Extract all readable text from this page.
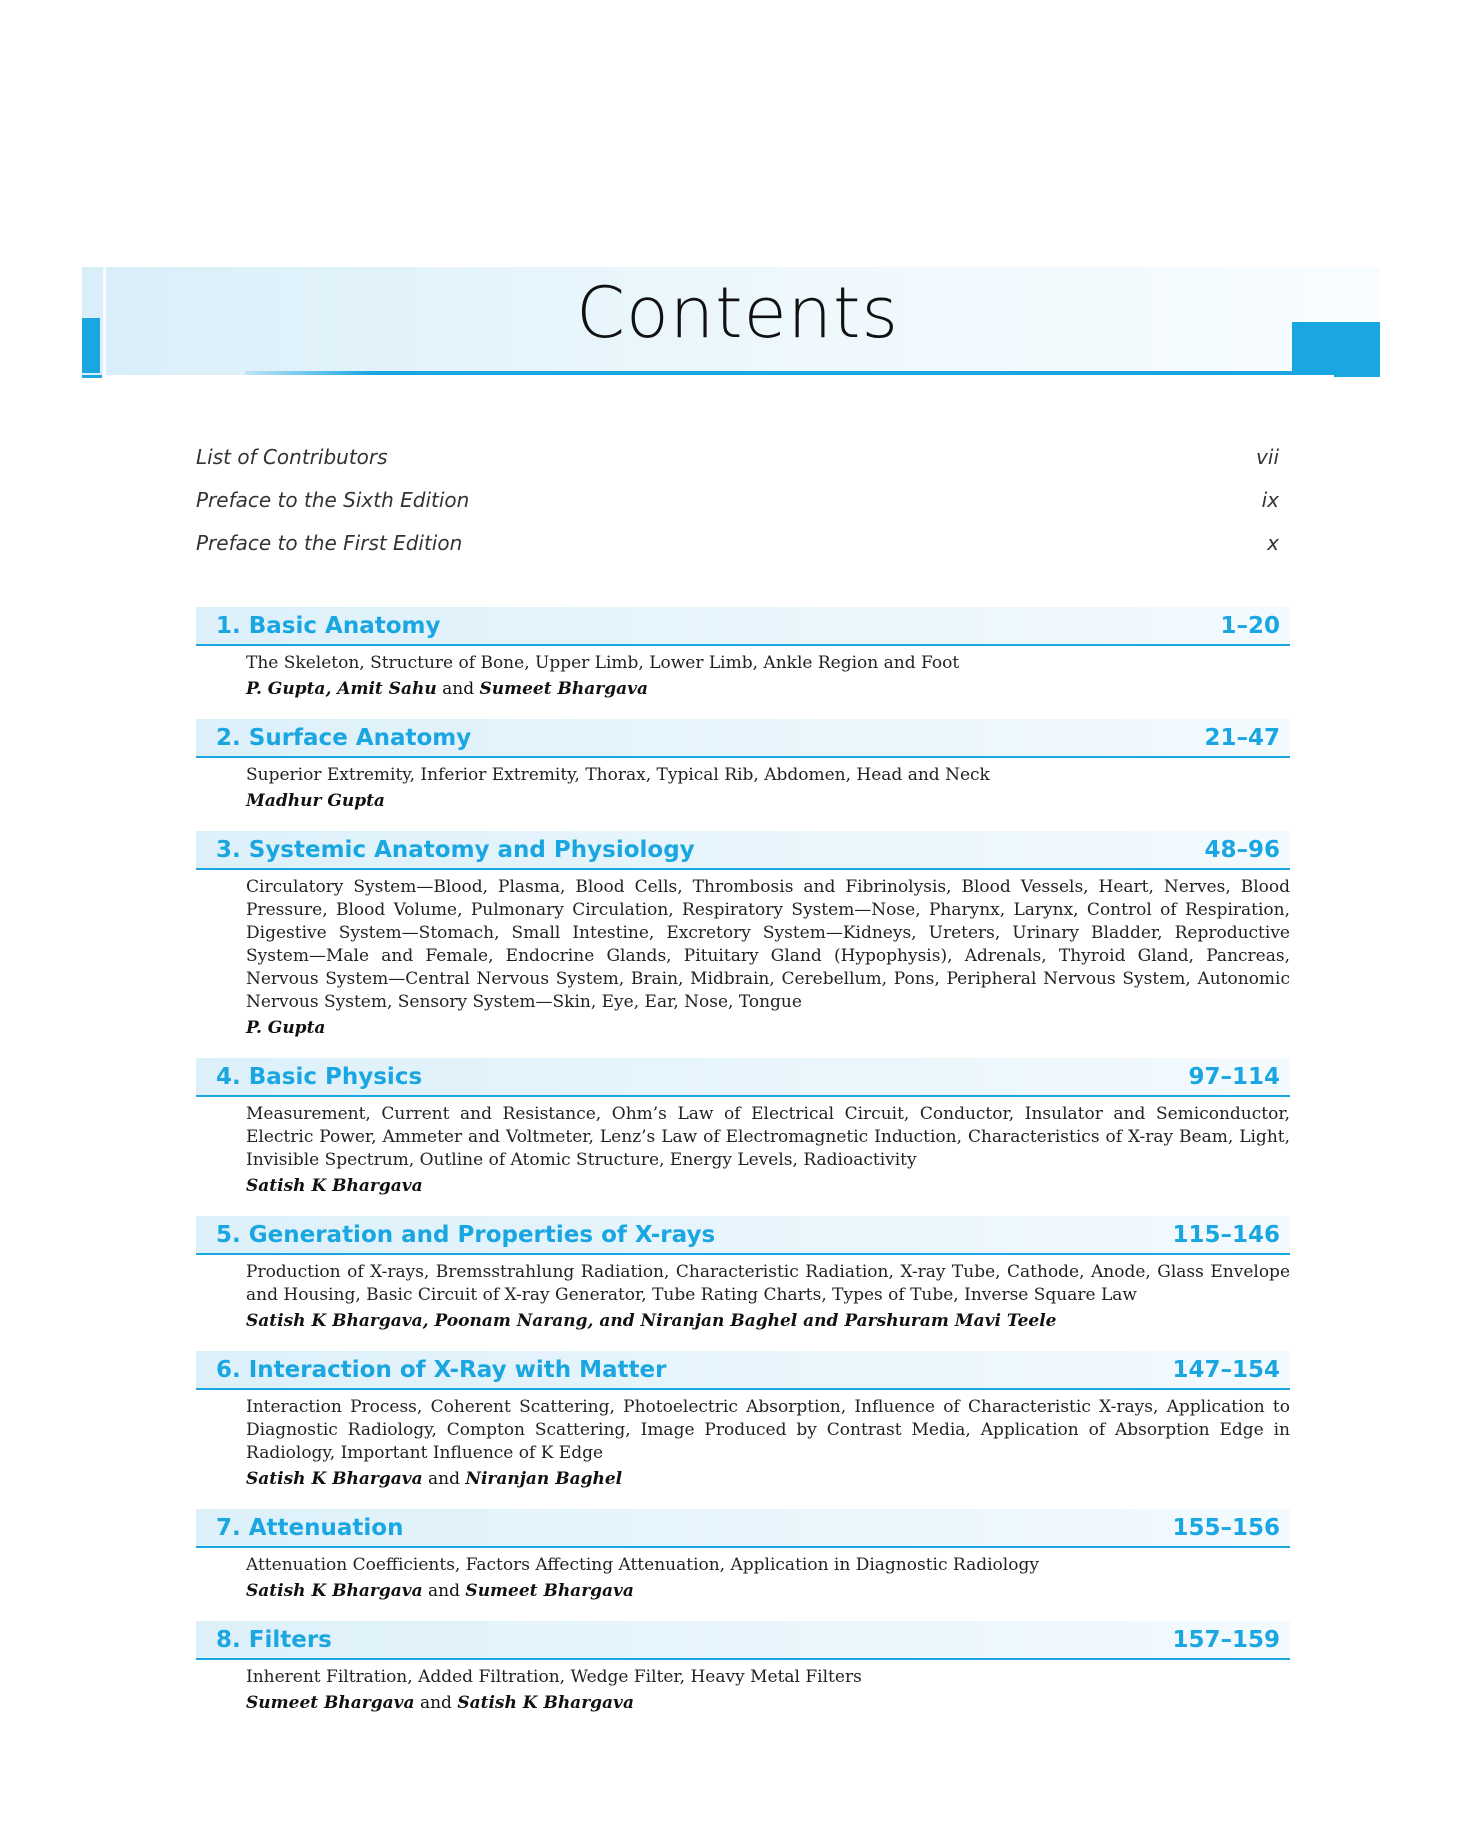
Contents
List of Contributors	vii
Preface to the Sixth Edition	ix
Preface to the First Edition	x
1. Basic Anatomy	1–20

The Skeleton, Structure of Bone, Upper Limb, Lower Limb, Ankle Region and Foot

P. Gupta, Amit Sahu and Sumeet Bhargava

2. Surface Anatomy	21–47

Superior Extremity, Inferior Extremity, Thorax, Typical Rib, Abdomen, Head and Neck

Madhur Gupta

3. Systemic Anatomy and Physiology	48–96

Circulatory System—Blood, Plasma, Blood Cells, Thrombosis and Fibrinolysis, Blood Vessels, Heart, Nerves, Blood Pressure, Blood Volume, Pulmonary Circulation, Respiratory System—Nose, Pharynx, Larynx, Control of Respiration, Digestive System—Stomach, Small Intestine, Excretory System—Kidneys, Ureters, Urinary Bladder, Reproductive System—Male and Female, Endocrine Glands, Pituitary Gland (Hypophysis), Adrenals, Thyroid Gland, Pancreas, Nervous System—Central Nervous System, Brain, Midbrain, Cerebellum, Pons, Peripheral Nervous System, Autonomic Nervous System, Sensory System—Skin, Eye, Ear, Nose, Tongue

P. Gupta

4. Basic Physics	97–114

Measurement, Current and Resistance, Ohm’s Law of Electrical Circuit, Conductor, Insulator and Semiconductor, Electric Power, Ammeter and Voltmeter, Lenz’s Law of Electromagnetic Induction, Characteristics of X-ray Beam, Light, Invisible Spectrum, Outline of Atomic Structure, Energy Levels, Radioactivity

Satish K Bhargava

5. Generation and Properties of X-rays	115–146

Production of X-rays, Bremsstrahlung Radiation, Characteristic Radiation, X-ray Tube, Cathode, Anode, Glass Envelope and Housing, Basic Circuit of X-ray Generator, Tube Rating Charts, Types of Tube, Inverse Square Law

Satish K Bhargava, Poonam Narang, and Niranjan Baghel and Parshuram Mavi Teele

6. Interaction of X-Ray with Matter	147–154

Interaction Process, Coherent Scattering, Photoelectric Absorption, Influence of Characteristic X-rays, Application to Diagnostic Radiology, Compton Scattering, Image Produced by Contrast Media, Application of Absorption Edge in Radiology, Important Influence of K Edge

Satish K Bhargava and Niranjan Baghel

7. Attenuation	155–156

Attenuation Coefficients, Factors Affecting Attenuation, Application in Diagnostic Radiology

Satish K Bhargava and Sumeet Bhargava

8. Filters	157–159

Inherent Filtration, Added Filtration, Wedge Filter, Heavy Metal Filters

Sumeet Bhargava and Satish K Bhargava
